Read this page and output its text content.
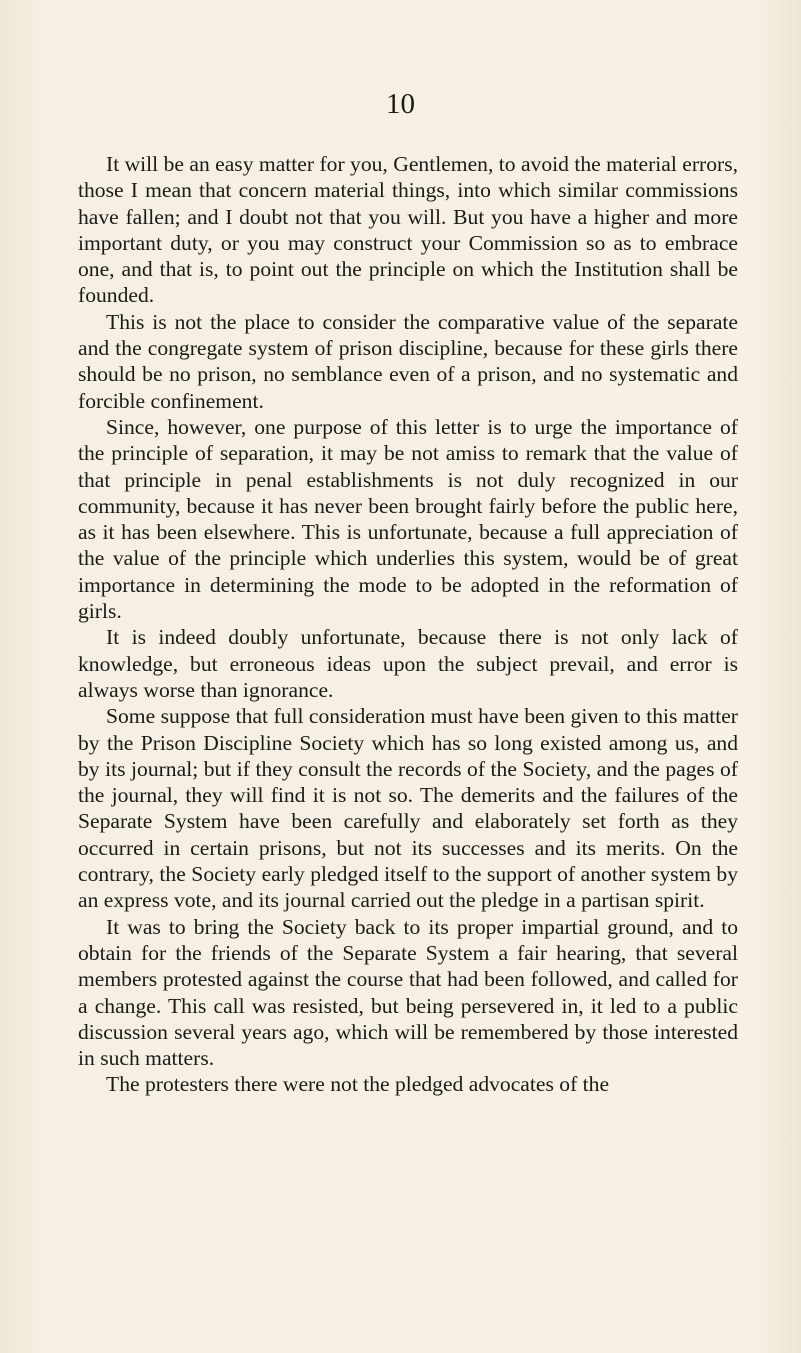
10

It will be an easy matter for you, Gentlemen, to avoid the material errors, those I mean that concern material things, into which similar commissions have fallen; and I doubt not that you will. But you have a higher and more important duty, or you may construct your Commission so as to embrace one, and that is, to point out the principle on which the Institution shall be founded.

This is not the place to consider the comparative value of the separate and the congregate system of prison discipline, because for these girls there should be no prison, no semblance even of a prison, and no systematic and forcible confinement.

Since, however, one purpose of this letter is to urge the importance of the principle of separation, it may be not amiss to remark that the value of that principle in penal establishments is not duly recognized in our community, because it has never been brought fairly before the public here, as it has been elsewhere. This is unfortunate, because a full appreciation of the value of the principle which underlies this system, would be of great importance in determining the mode to be adopted in the reformation of girls.

It is indeed doubly unfortunate, because there is not only lack of knowledge, but erroneous ideas upon the subject prevail, and error is always worse than ignorance.

Some suppose that full consideration must have been given to this matter by the Prison Discipline Society which has so long existed among us, and by its journal; but if they consult the records of the Society, and the pages of the journal, they will find it is not so. The demerits and the failures of the Separate System have been carefully and elaborately set forth as they occurred in certain prisons, but not its successes and its merits. On the contrary, the Society early pledged itself to the support of another system by an express vote, and its journal carried out the pledge in a partisan spirit.

It was to bring the Society back to its proper impartial ground, and to obtain for the friends of the Separate System a fair hearing, that several members protested against the course that had been followed, and called for a change. This call was resisted, but being persevered in, it led to a public discussion several years ago, which will be remembered by those interested in such matters.

The protesters there were not the pledged advocates of the
